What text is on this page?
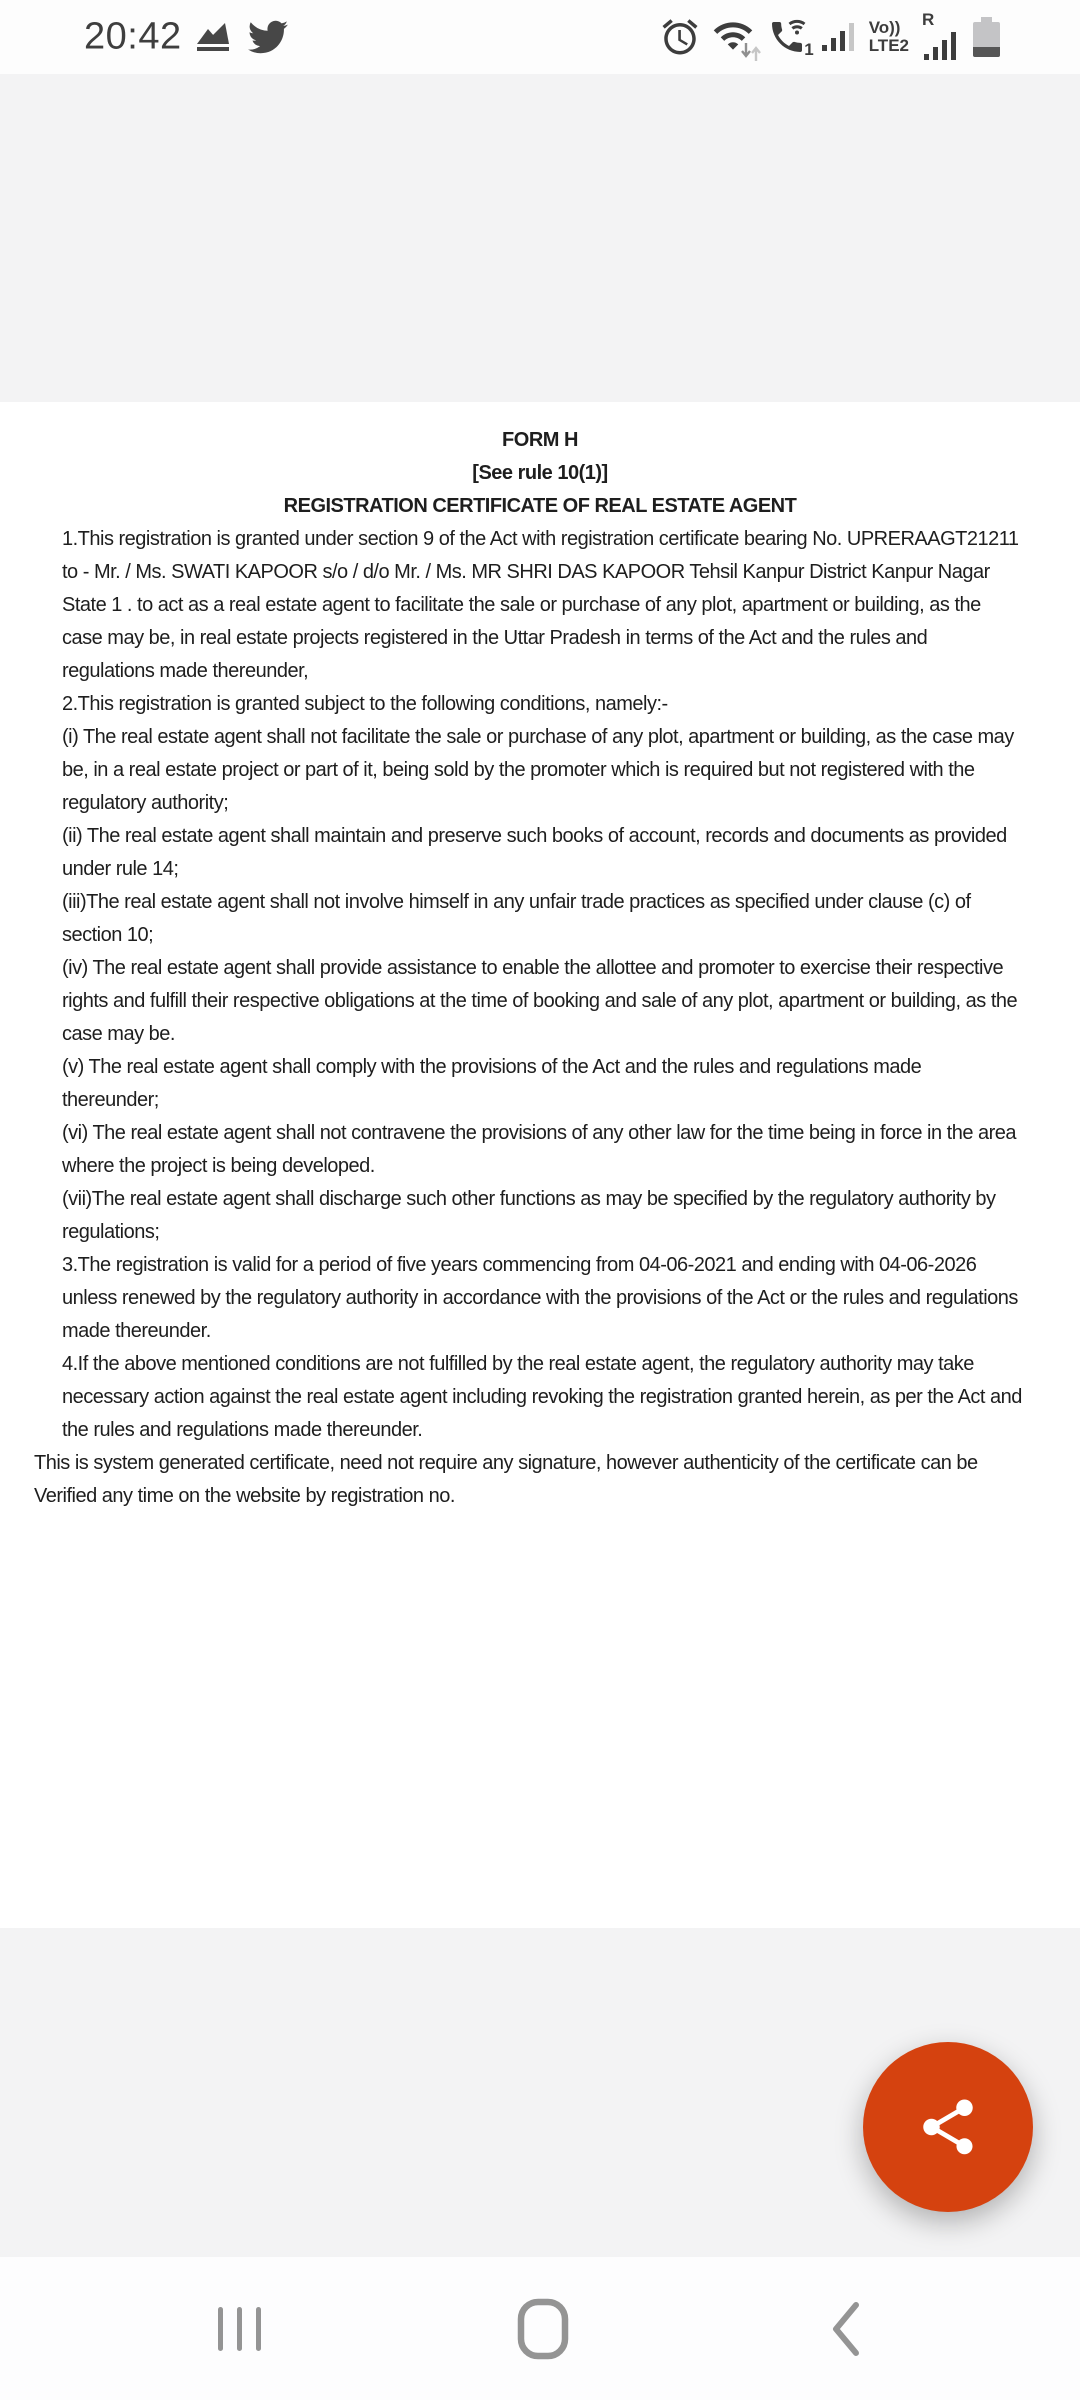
20:42	1
Vo))
LTE2
R

FORM H

[See rule 10(1)]

REGISTRATION CERTIFICATE OF REAL ESTATE AGENT

1.This registration is granted under section 9 of the Act with registration certificate bearing No. UPRERAAGT21211 to - Mr. / Ms. SWATI KAPOOR s/o / d/o Mr. / Ms. MR SHRI DAS KAPOOR Tehsil Kanpur District Kanpur Nagar State 1 . to act as a real estate agent to facilitate the sale or purchase of any plot, apartment or building, as the case may be, in real estate projects registered in the Uttar Pradesh in terms of the Act and the rules and regulations made thereunder,

2.This registration is granted subject to the following conditions, namely:-

(i) The real estate agent shall not facilitate the sale or purchase of any plot, apartment or building, as the case may be, in a real estate project or part of it, being sold by the promoter which is required but not registered with the regulatory authority;

(ii) The real estate agent shall maintain and preserve such books of account, records and documents as provided under rule 14;

(iii)The real estate agent shall not involve himself in any unfair trade practices as specified under clause (c) of section 10;

(iv) The real estate agent shall provide assistance to enable the allottee and promoter to exercise their respective rights and fulfill their respective obligations at the time of booking and sale of any plot, apartment or building, as the case may be.

(v) The real estate agent shall comply with the provisions of the Act and the rules and regulations made thereunder;

(vi) The real estate agent shall not contravene the provisions of any other law for the time being in force in the area where the project is being developed.

(vii)The real estate agent shall discharge such other functions as may be specified by the regulatory authority by regulations;

3.The registration is valid for a period of five years commencing from 04-06-2021 and ending with 04-06-2026 unless renewed by the regulatory authority in accordance with the provisions of the Act or the rules and regulations made thereunder.

4.If the above mentioned conditions are not fulfilled by the real estate agent, the regulatory authority may take necessary action against the real estate agent including revoking the registration granted herein, as per the Act and the rules and regulations made thereunder.

This is system generated certificate, need not require any signature, however authenticity of the certificate can be Verified any time on the website by registration no.
